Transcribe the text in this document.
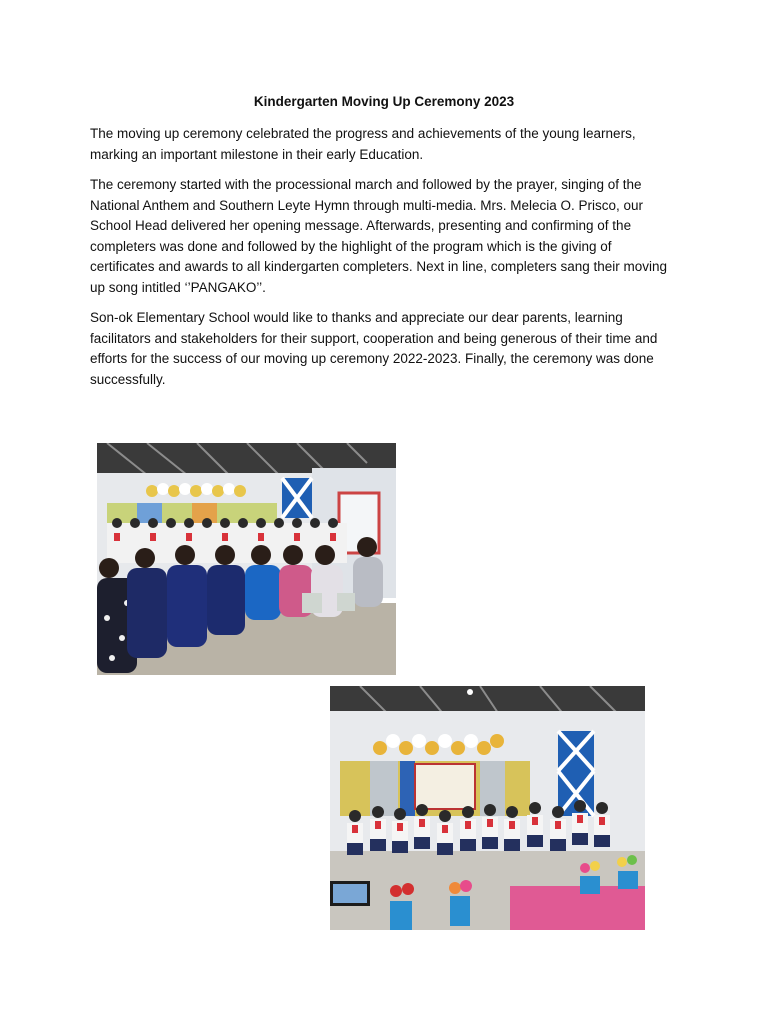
Kindergarten Moving Up Ceremony 2023

The moving up ceremony celebrated the progress and achievements of the young learners, marking an important milestone in their early Education.

The ceremony started with the processional march and followed by the prayer, singing of the National Anthem and Southern Leyte Hymn through multi-media. Mrs. Melecia O. Prisco, our School Head delivered her opening message. Afterwards, presenting and confirming of the completers was done and followed by the highlight of the program which is the giving of certificates and awards to all kindergarten completers. Next in line, completers sang their moving up song intitled ‘’PANGAKO’’.

Son-ok Elementary School would like to thanks and appreciate our dear parents, learning facilitators and stakeholders for their support, cooperation and being generous of their time and efforts for the success of our moving up ceremony 2022-2023. Finally, the ceremony was done successfully.
